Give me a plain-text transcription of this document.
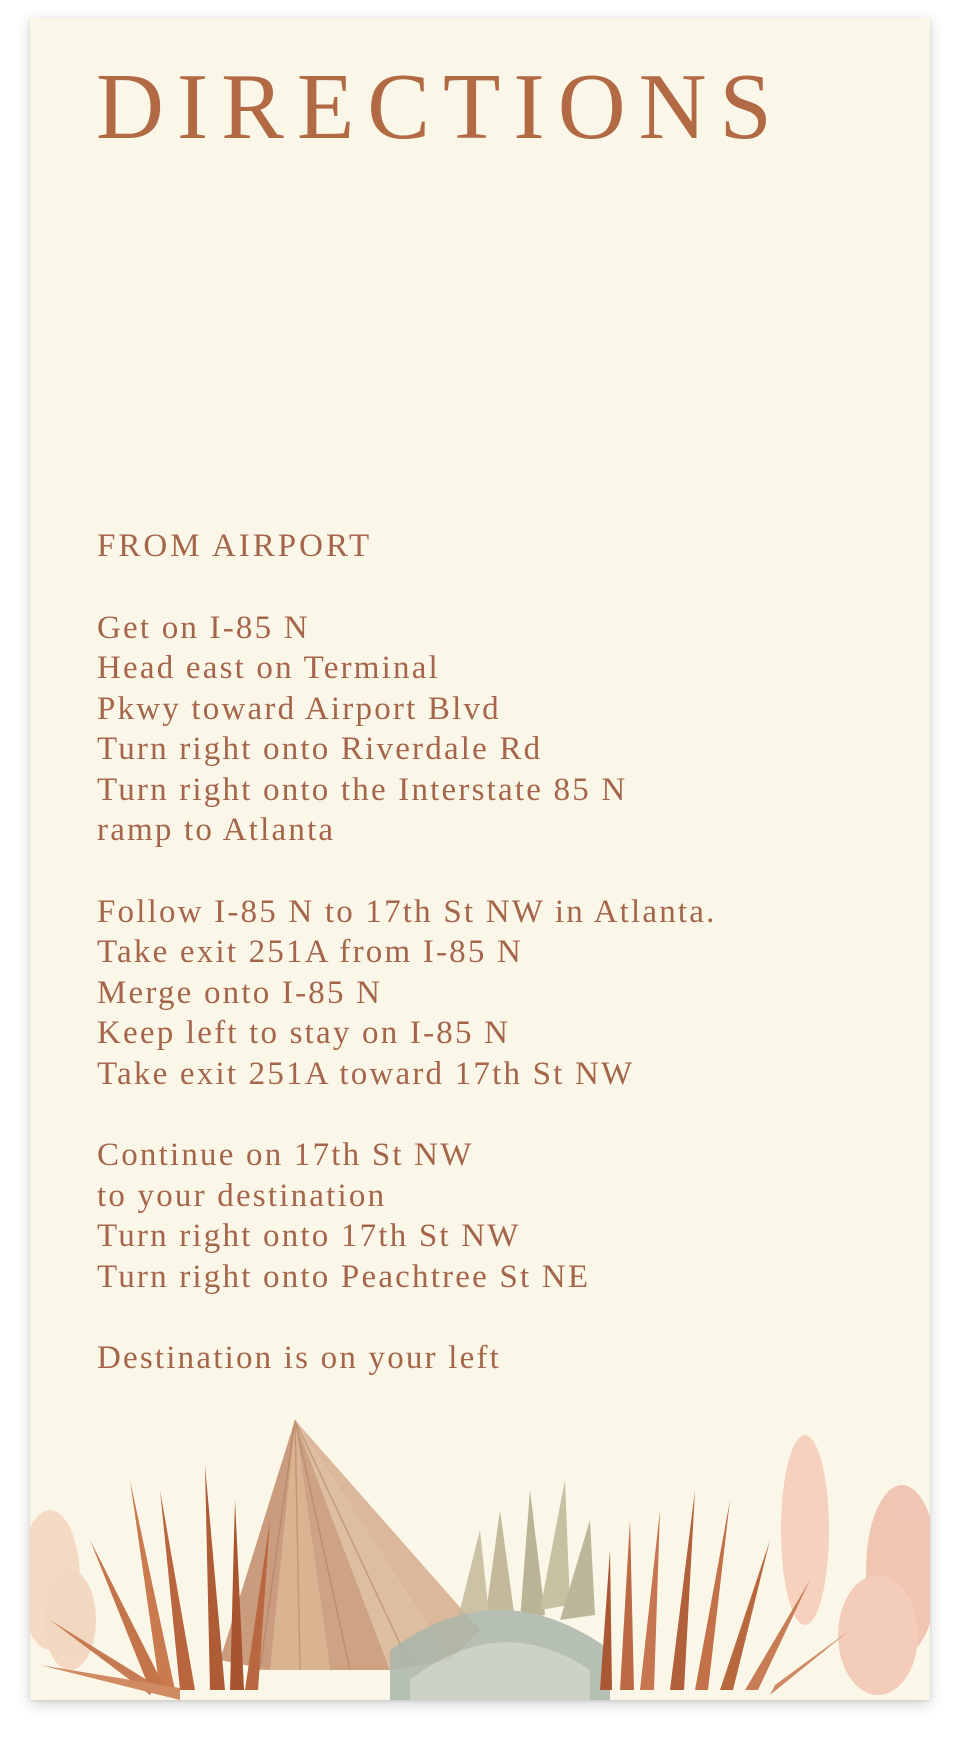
DIRECTIONS

FROM AIRPORT

Get on I-85 N
Head east on Terminal
Pkwy toward Airport Blvd
Turn right onto Riverdale Rd
Turn right onto the Interstate 85 N
ramp to Atlanta

Follow I-85 N to 17th St NW in Atlanta.
Take exit 251A from I-85 N
Merge onto I-85 N
Keep left to stay on I-85 N
Take exit 251A toward 17th St NW

Continue on 17th St NW
to your destination
Turn right onto 17th St NW
Turn right onto Peachtree St NE

Destination is on your left
